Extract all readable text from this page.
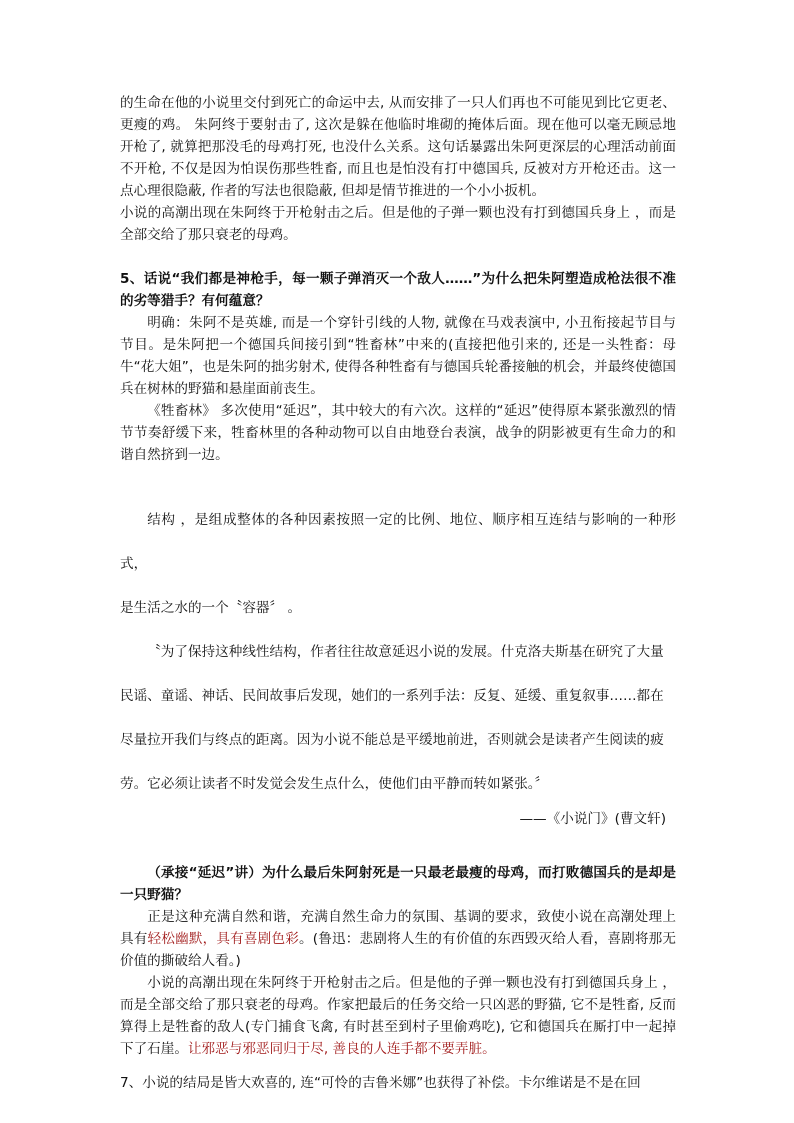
的生命在他的小说里交付到死亡的命运中去, 从而安排了一只人们再也不可能见到比它更老、更瘦的鸡。 朱阿终于要射击了, 这次是躲在他临时堆砌的掩体后面。现在他可以毫无顾忌地开枪了, 就算把那没毛的母鸡打死, 也没什么关系。这句话暴露出朱阿更深层的心理活动前面不开枪, 不仅是因为怕误伤那些牲畜, 而且也是怕没有打中德国兵, 反被对方开枪还击。这一点心理很隐蔽, 作者的写法也很隐蔽, 但却是情节推进的一个小小扳机。

小说的高潮出现在朱阿终于开枪射击之后。但是他的子弹一颗也没有打到德国兵身上 ，而是全部交给了那只衰老的母鸡。

5、话说“我们都是神枪手，每一颗子弹消灭一个敌人……”为什么把朱阿塑造成枪法很不准的劣等猎手？有何蕴意？

明确：朱阿不是英雄, 而是一个穿针引线的人物, 就像在马戏表演中, 小丑衔接起节目与节目。是朱阿把一个德国兵间接引到“牲畜林”中来的(直接把他引来的, 还是一头牲畜：母牛“花大姐”，也是朱阿的拙劣射术, 使得各种牲畜有与德国兵轮番接触的机会，并最终使德国兵在树林的野猫和悬崖面前丧生。

《牲畜林》 多次使用“延迟”，其中较大的有六次。这样的“延迟”使得原本紧张激烈的情节节奏舒缓下来，牲畜林里的各种动物可以自由地登台表演，战争的阴影被更有生命力的和谐自然挤到一边。

结构 ，是组成整体的各种因素按照一定的比例、地位、顺序相互连结与影响的一种形式，

是生活之水的一个〝容器〞 。

〝为了保持这种线性结构，作者往往故意延迟小说的发展。什克洛夫斯基在研究了大量

民谣、童谣、神话、民间故事后发现，她们的一系列手法：反复、延缓、重复叙事……都在

尽量拉开我们与终点的距离。因为小说不能总是平缓地前进，否则就会是读者产生阅读的疲

劳。它必须让读者不时发觉会发生点什么，使他们由平静而转如紧张。〞

——《小说门》(曹文轩)

（承接“延迟”讲）为什么最后朱阿射死是一只最老最瘦的母鸡，而打败德国兵的是却是一只野猫？

正是这种充满自然和谐，充满自然生命力的氛围、基调的要求，致使小说在高潮处理上具有轻松幽默，具有喜剧色彩。(鲁迅：悲剧将人生的有价值的东西毁灭给人看，喜剧将那无价值的撕破给人看。)

小说的高潮出现在朱阿终于开枪射击之后。但是他的子弹一颗也没有打到德国兵身上 ，而是全部交给了那只衰老的母鸡。作家把最后的任务交给一只凶恶的野猫, 它不是牲畜, 反而算得上是牲畜的敌人(专门捕食飞禽, 有时甚至到村子里偷鸡吃), 它和德国兵在厮打中一起掉下了石崖。让邪恶与邪恶同归于尽, 善良的人连手都不要弄脏。

7、小说的结局是皆大欢喜的, 连“可怜的吉鲁米娜”也获得了补偿。卡尔维诺是不是在回
